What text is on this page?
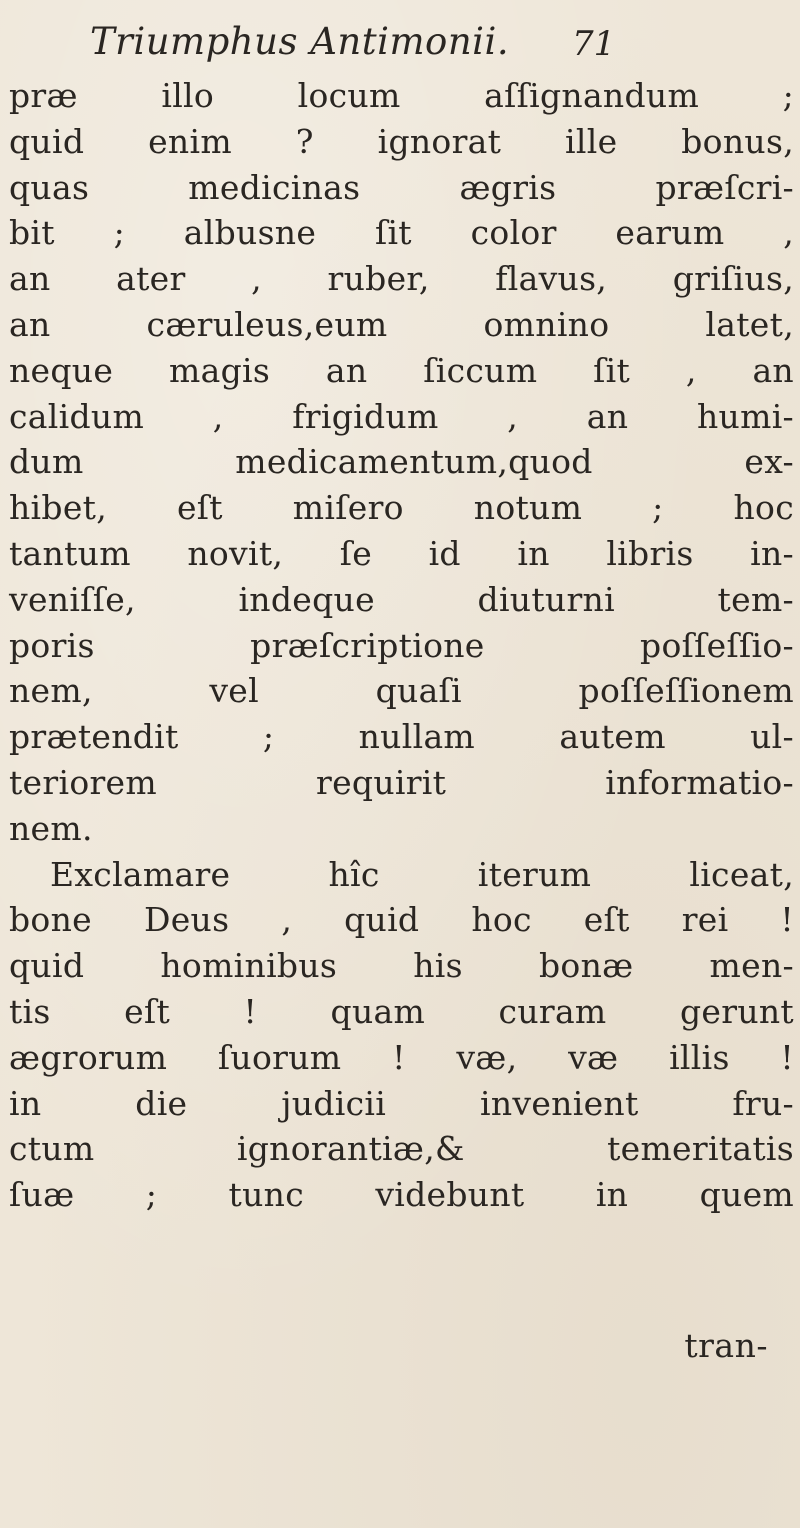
Triumphus Antimonii. 71
præ illo locum aſſignandum ;
quid enim ? ignorat ille bonus,
quas medicinas ægris præſcri-
bit ; albusne ſit color earum ,
an ater , ruber, flavus, griſius,
an cæruleus,eum omnino latet,
neque magis an ſiccum ſit , an
calidum , frigidum , an humi-
dum medicamentum,quod ex-
hibet, eſt miſero notum ; hoc
tantum novit, ſe id in libris in-
veniſſe, indeque diuturni tem-
poris præſcriptione poſſeſſio-
nem, vel quaſi poſſeſſionem
prætendit ; nullam autem ul-
teriorem requirit informatio-
nem.
Exclamare hîc iterum liceat,
bone Deus , quid hoc eſt rei !
quid hominibus his bonæ men-
tis eſt ! quam curam gerunt
ægrorum ſuorum ! væ, væ illis !
in die judicii invenient fru-
ctum ignorantiæ,& temeritatis
ſuæ ; tunc videbunt in quem
tran-
